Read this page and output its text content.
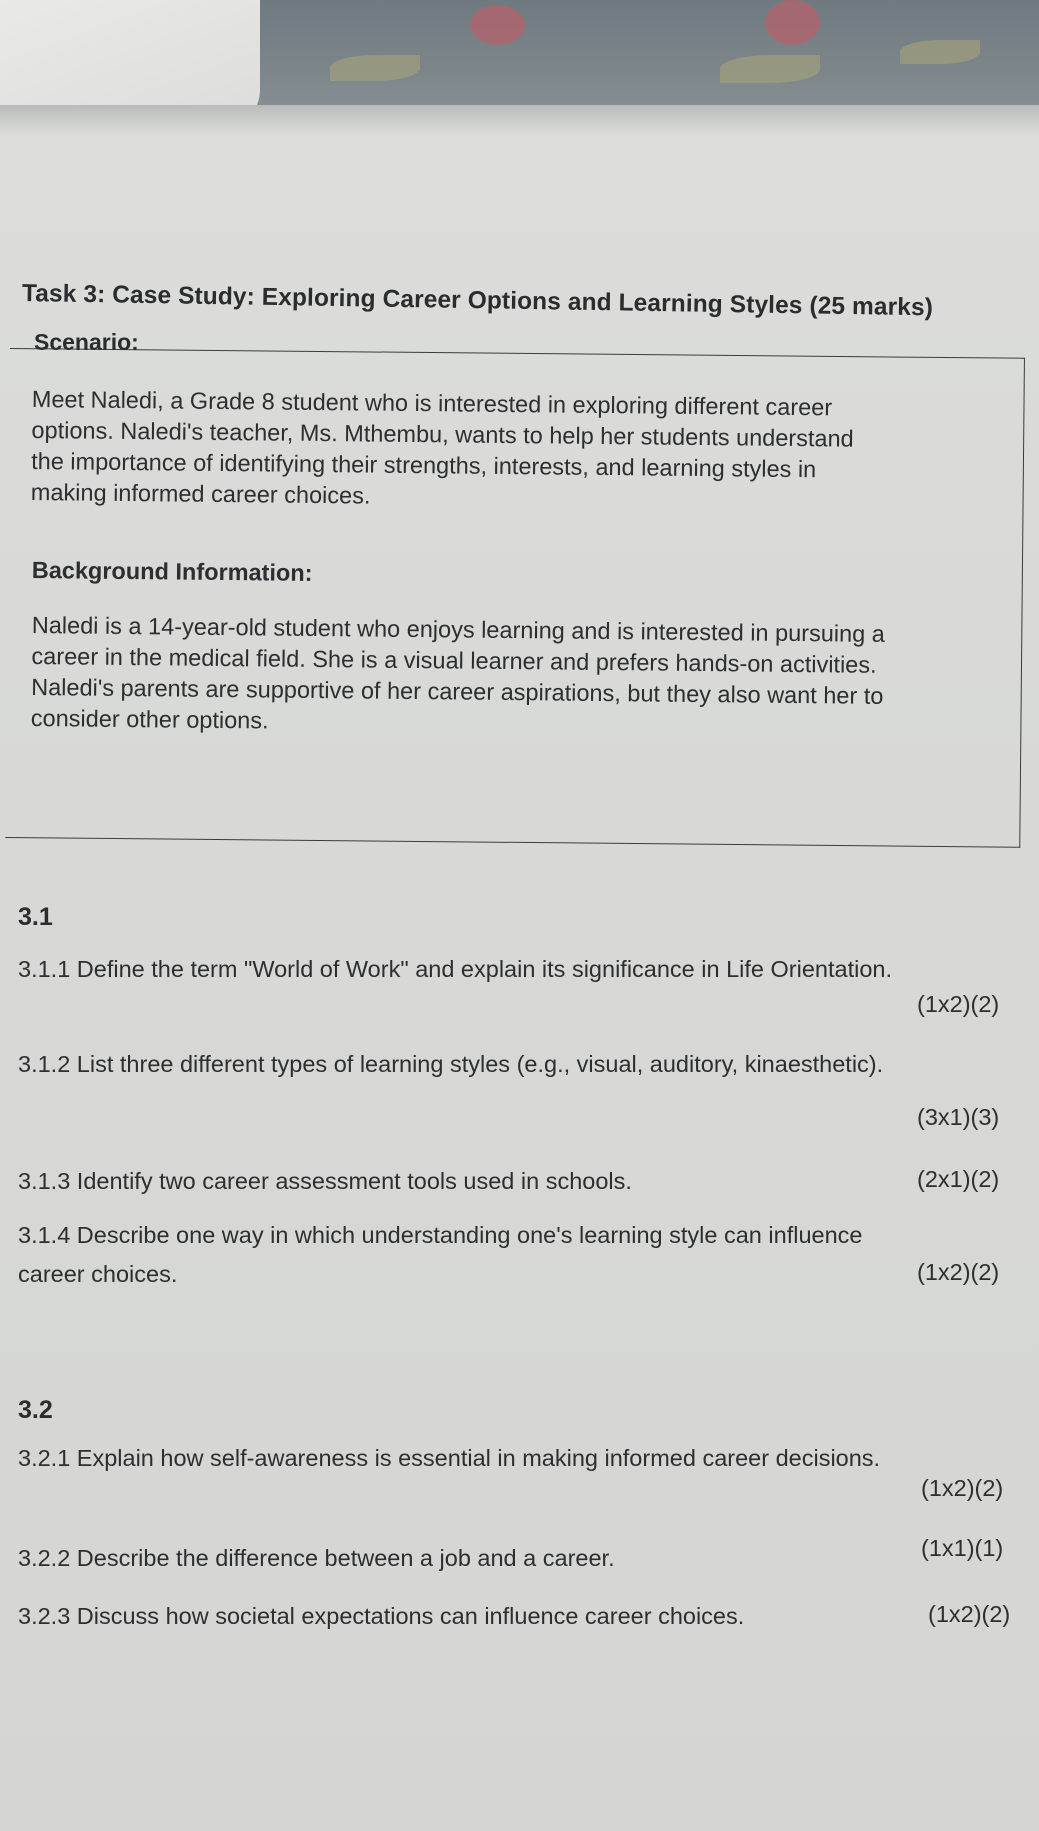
Task 3: Case Study: Exploring Career Options and Learning Styles (25 marks)
Scenario:
Meet Naledi, a Grade 8 student who is interested in exploring different career
options. Naledi's teacher, Ms. Mthembu, wants to help her students understand
the importance of identifying their strengths, interests, and learning styles in
making informed career choices.
Background Information:
Naledi is a 14-year-old student who enjoys learning and is interested in pursuing a
career in the medical field. She is a visual learner and prefers hands-on activities.
Naledi's parents are supportive of her career aspirations, but they also want her to
consider other options.
3.1
3.1.1 Define the term "World of Work" and explain its significance in Life Orientation.
(1x2)(2)
3.1.2 List three different types of learning styles (e.g., visual, auditory, kinaesthetic).
(3x1)(3)
3.1.3 Identify two career assessment tools used in schools.	(2x1)(2)
3.1.4 Describe one way in which understanding one's learning style can influence
career choices.	(1x2)(2)
3.2
3.2.1 Explain how self-awareness is essential in making informed career decisions.
(1x2)(2)
3.2.2 Describe the difference between a job and a career.	(1x1)(1)
3.2.3 Discuss how societal expectations can influence career choices.	(1x2)(2)
